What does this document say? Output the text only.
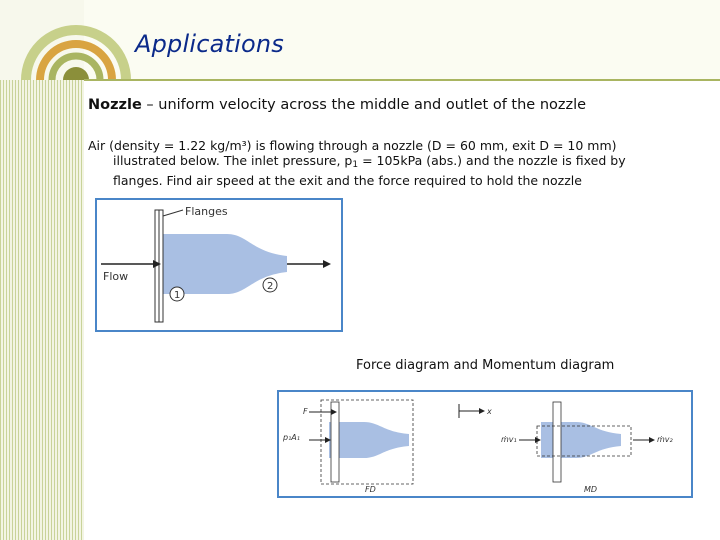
Applications
Nozzle – uniform velocity across the middle and outlet of the nozzle
Air (density = 1.22 kg/m³) is flowing through a nozzle (D = 60 mm, exit D = 10 mm)
illustrated below. The inlet pressure, $p_1 = 105kPa$ (abs.) and the nozzle is fixed by
flanges. Find air speed at the exit and the force required to hold the nozzle
Flanges
Flow
1
2
Force diagram and Momentum diagram
F
p₁A₁
FD
x
ṁv₁	ṁv₂
MD
